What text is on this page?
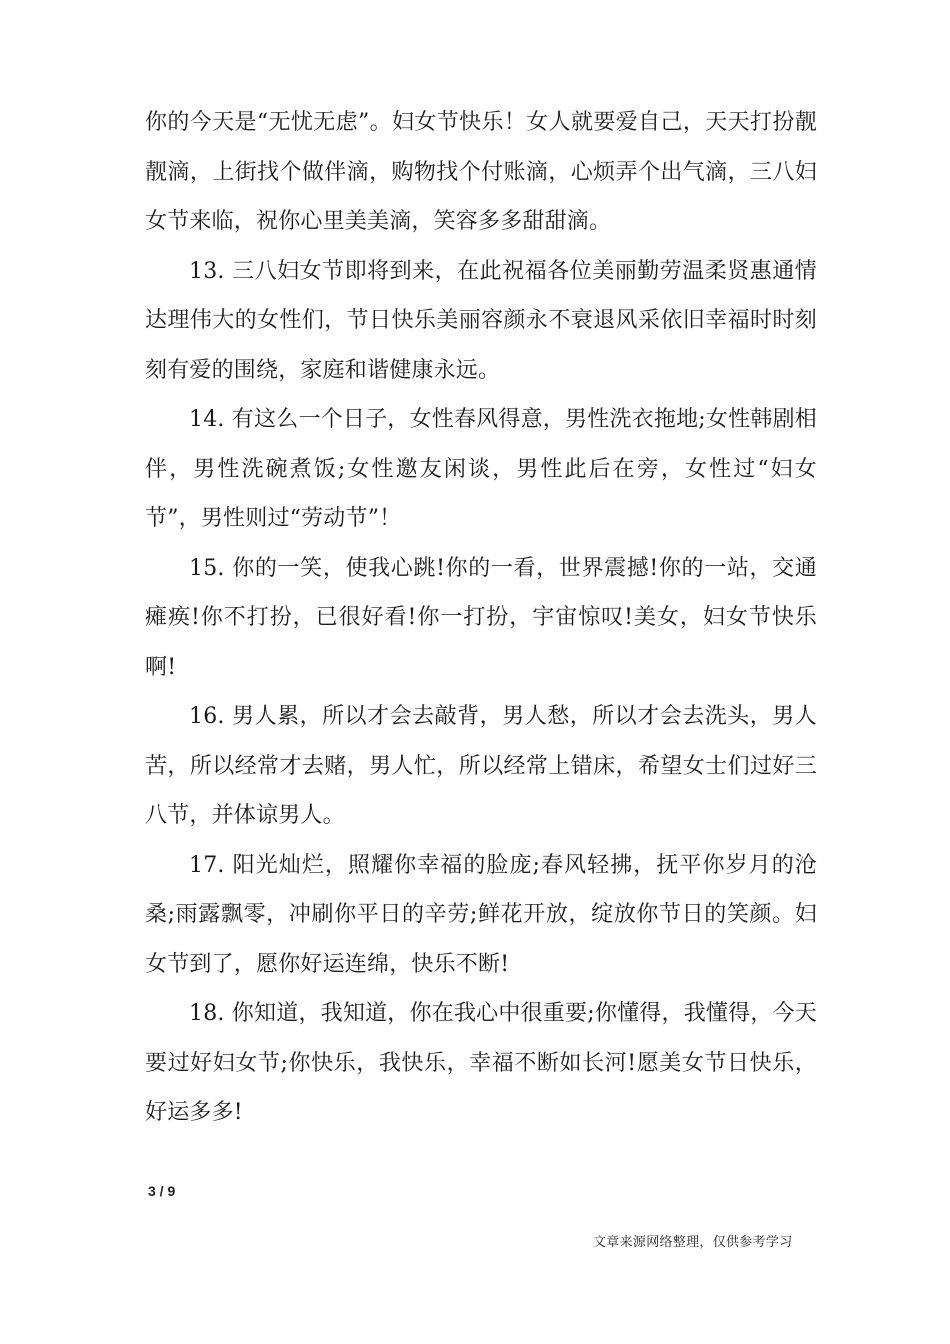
你的今天是“无忧无虑”。妇女节快乐！女人就要爱自己，天天打扮靓靓滴，上街找个做伴滴，购物找个付账滴，心烦弄个出气滴，三八妇女节来临，祝你心里美美滴，笑容多多甜甜滴。

13. 三八妇女节即将到来，在此祝福各位美丽勤劳温柔贤惠通情达理伟大的女性们，节日快乐美丽容颜永不衰退风采依旧幸福时时刻刻有爱的围绕，家庭和谐健康永远。

14. 有这么一个日子，女性春风得意，男性洗衣拖地;女性韩剧相伴，男性洗碗煮饭;女性邀友闲谈，男性此后在旁，女性过“妇女节”，男性则过“劳动节”！

15. 你的一笑，使我心跳!你的一看，世界震撼!你的一站，交通瘫痪!你不打扮，已很好看!你一打扮，宇宙惊叹!美女，妇女节快乐啊!

16. 男人累，所以才会去敲背，男人愁，所以才会去洗头，男人苦，所以经常才去赌，男人忙，所以经常上错床，希望女士们过好三八节，并体谅男人。

17. 阳光灿烂，照耀你幸福的脸庞;春风轻拂，抚平你岁月的沧桑;雨露飘零，冲刷你平日的辛劳;鲜花开放，绽放你节日的笑颜。妇女节到了，愿你好运连绵，快乐不断!

18. 你知道，我知道，你在我心中很重要;你懂得，我懂得，今天要过好妇女节;你快乐，我快乐，幸福不断如长河!愿美女节日快乐，好运多多!

3 / 9
文章来源网络整理，仅供参考学习
